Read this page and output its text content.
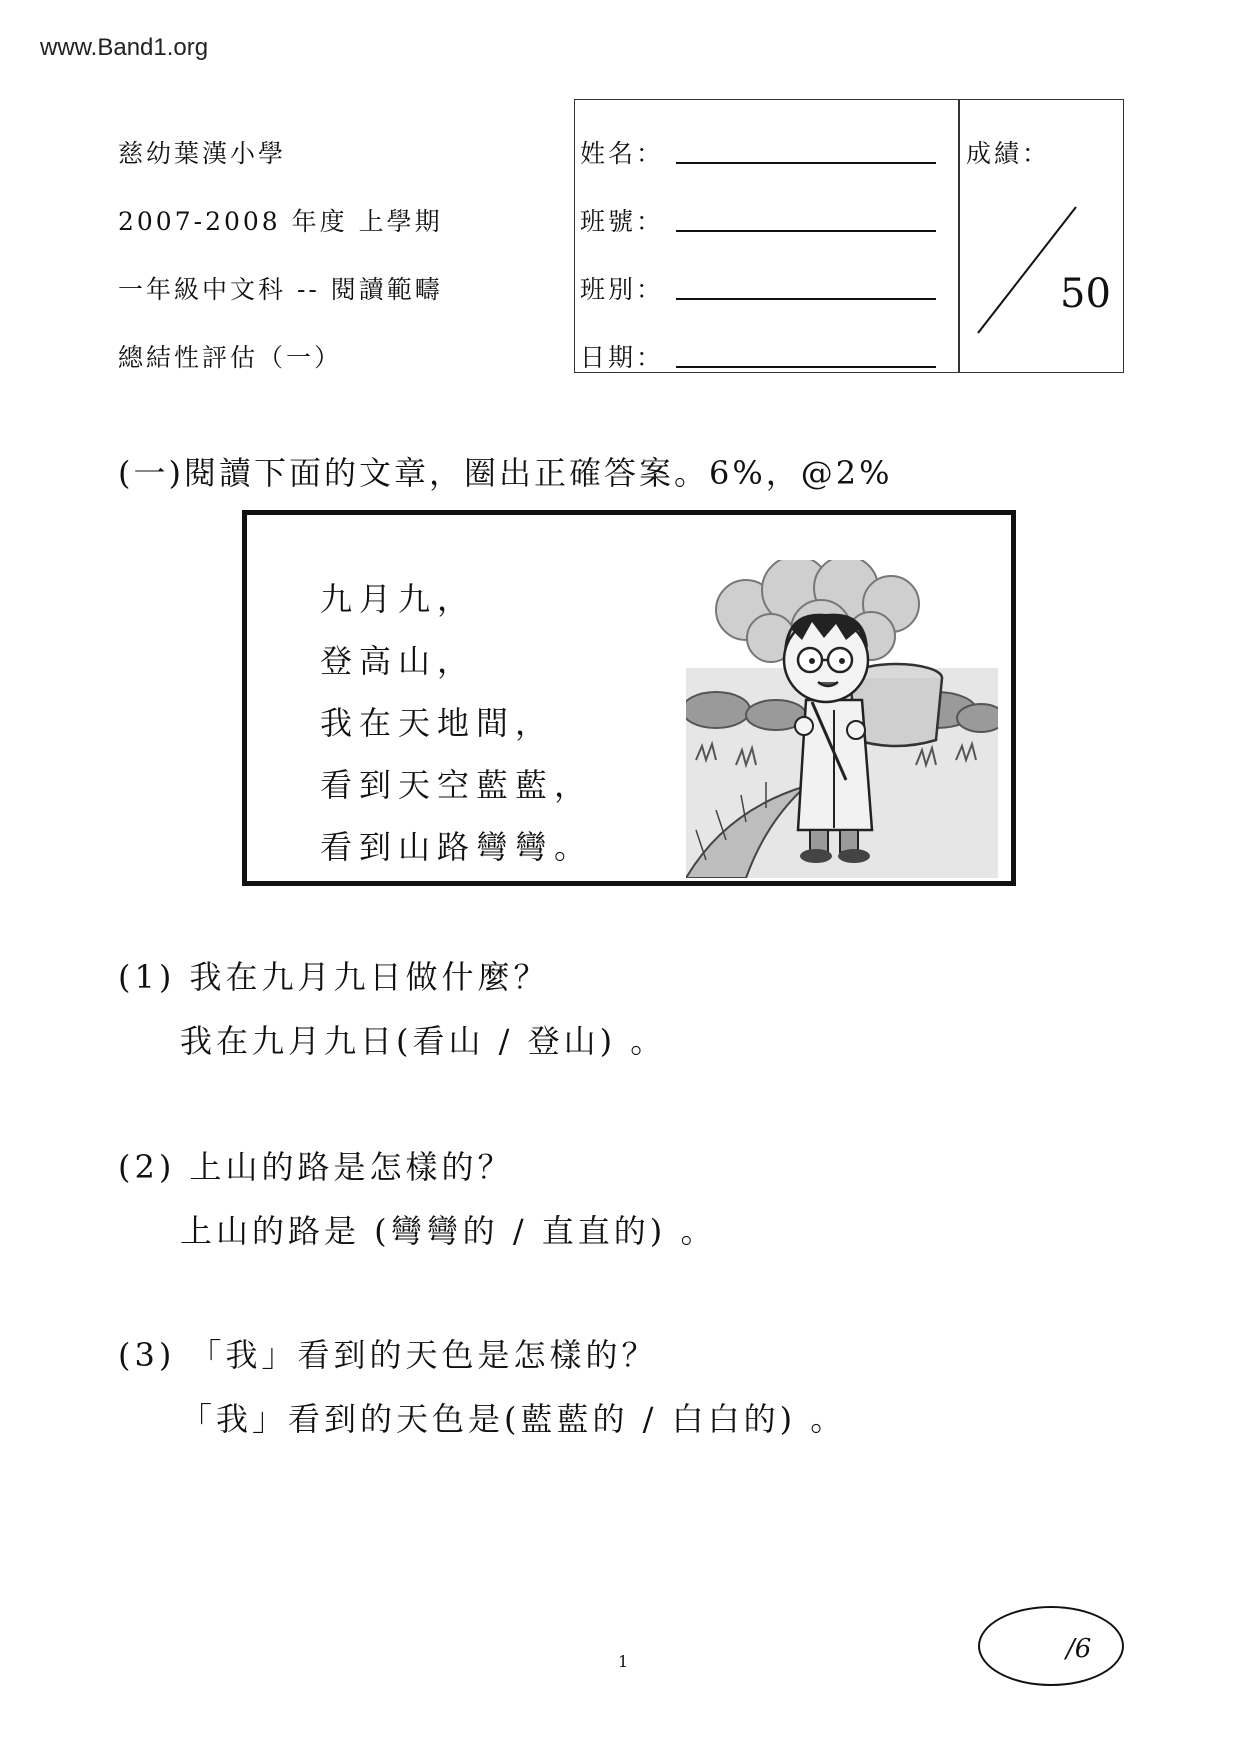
www.Band1.org
慈幼葉漢小學
2007-2008 年度 上學期
一年級中文科 -- 閱讀範疇
總結性評估（一）
姓名：
班號：
班別：
日期：
成績：
50
(一)閱讀下面的文章，圈出正確答案。6%，@2%
九月九，
登高山，
我在天地間，
看到天空藍藍，
看到山路彎彎。
(1) 我在九月九日做什麼？
我在九月九日(看山 / 登山) 。
(2) 上山的路是怎樣的？
上山的路是 (彎彎的 / 直直的) 。
(3) 「我」看到的天色是怎樣的？
「我」看到的天色是(藍藍的 / 白白的) 。
1	/6
